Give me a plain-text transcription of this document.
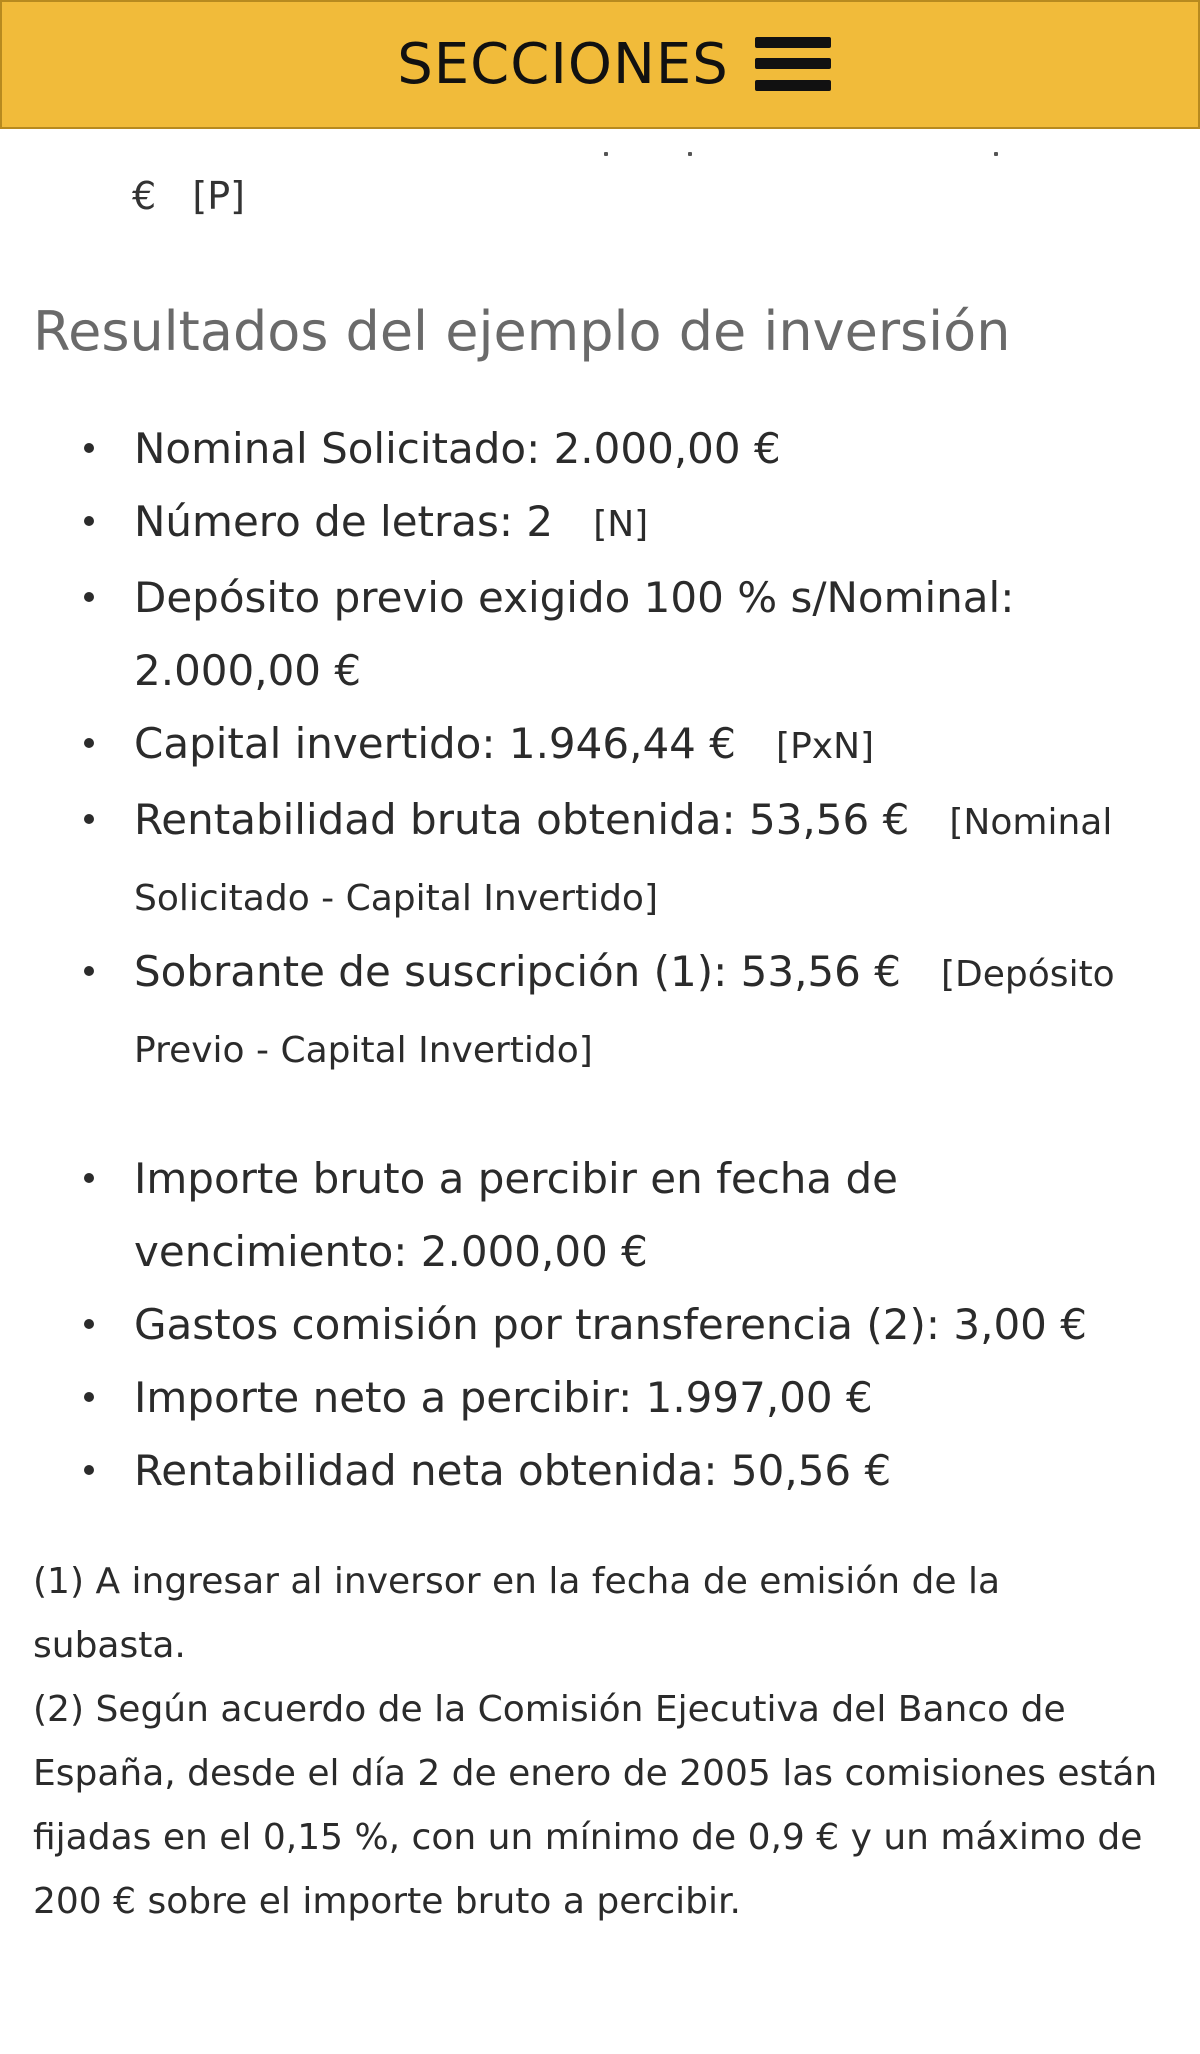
SECCIONES
€   [P]
Resultados del ejemplo de inversión
Nominal Solicitado: 2.000,00 €
Número de letras: 2 [N]
Depósito previo exigido 100 % s/Nominal: 2.000,00 €
Capital invertido: 1.946,44 € [PxN]
Rentabilidad bruta obtenida: 53,56 € [Nominal Solicitado - Capital Invertido]
Sobrante de suscripción (1): 53,56 € [Depósito Previo - Capital Invertido]
Importe bruto a percibir en fecha de vencimiento: 2.000,00 €
Gastos comisión por transferencia (2): 3,00 €
Importe neto a percibir: 1.997,00 €
Rentabilidad neta obtenida: 50,56 €

(1) A ingresar al inversor en la fecha de emisión de la subasta.

(2) Según acuerdo de la Comisión Ejecutiva del Banco de España, desde el día 2 de enero de 2005 las comisiones están fijadas en el 0,15 %, con un mínimo de 0,9 € y un máximo de 200 € sobre el importe bruto a percibir.
